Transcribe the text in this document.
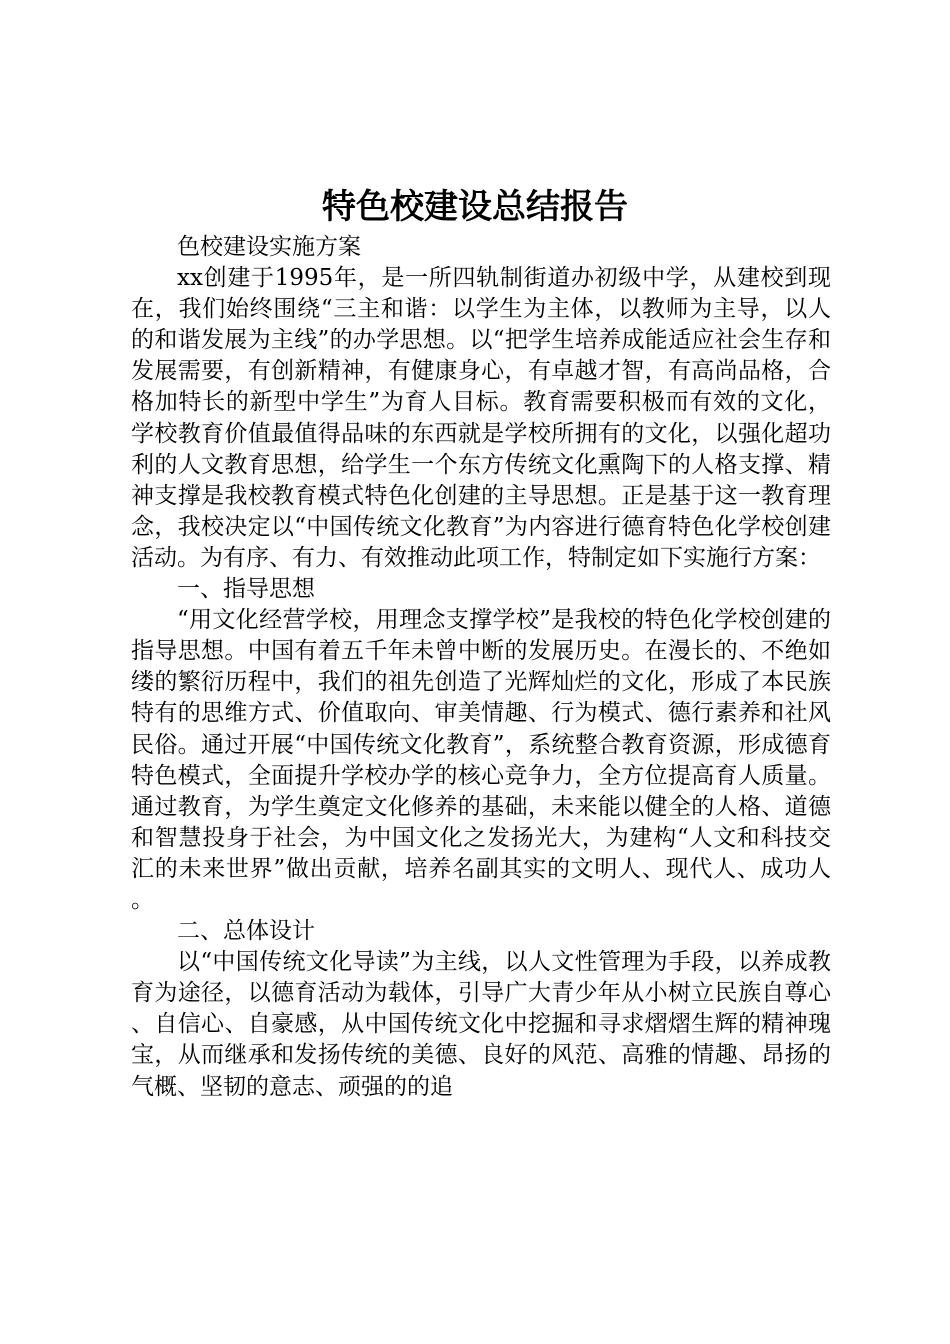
特色校建设总结报告

色校建设实施方案

xx创建于1995年，是一所四轨制街道办初级中学，从建校到现在，我们始终围绕“三主和谐：以学生为主体，以教师为主导，以人的和谐发展为主线”的办学思想。以“把学生培养成能适应社会生存和发展需要，有创新精神，有健康身心，有卓越才智，有高尚品格，合格加特长的新型中学生”为育人目标。教育需要积极而有效的文化，学校教育价值最值得品味的东西就是学校所拥有的文化，以强化超功利的人文教育思想，给学生一个东方传统文化熏陶下的人格支撑、精神支撑是我校教育模式特色化创建的主导思想。正是基于这一教育理念，我校决定以“中国传统文化教育”为内容进行德育特色化学校创建活动。为有序、有力、有效推动此项工作，特制定如下实施行方案：

一、指导思想

“用文化经营学校，用理念支撑学校”是我校的特色化学校创建的指导思想。中国有着五千年未曾中断的发展历史。在漫长的、不绝如缕的繁衍历程中，我们的祖先创造了光辉灿烂的文化，形成了本民族特有的思维方式、价值取向、审美情趣、行为模式、德行素养和社风民俗。通过开展“中国传统文化教育”，系统整合教育资源，形成德育特色模式，全面提升学校办学的核心竞争力，全方位提高育人质量。通过教育，为学生奠定文化修养的基础，未来能以健全的人格、道德和智慧投身于社会，为中国文化之发扬光大，为建构“人文和科技交汇的未来世界”做出贡献，培养名副其实的文明人、现代人、成功人。

二、总体设计

以“中国传统文化导读”为主线，以人文性管理为手段，以养成教育为途径，以德育活动为载体，引导广大青少年从小树立民族自尊心、自信心、自豪感，从中国传统文化中挖掘和寻求熠熠生辉的精神瑰宝，从而继承和发扬传统的美德、良好的风范、高雅的情趣、昂扬的气概、坚韧的意志、顽强的的追
